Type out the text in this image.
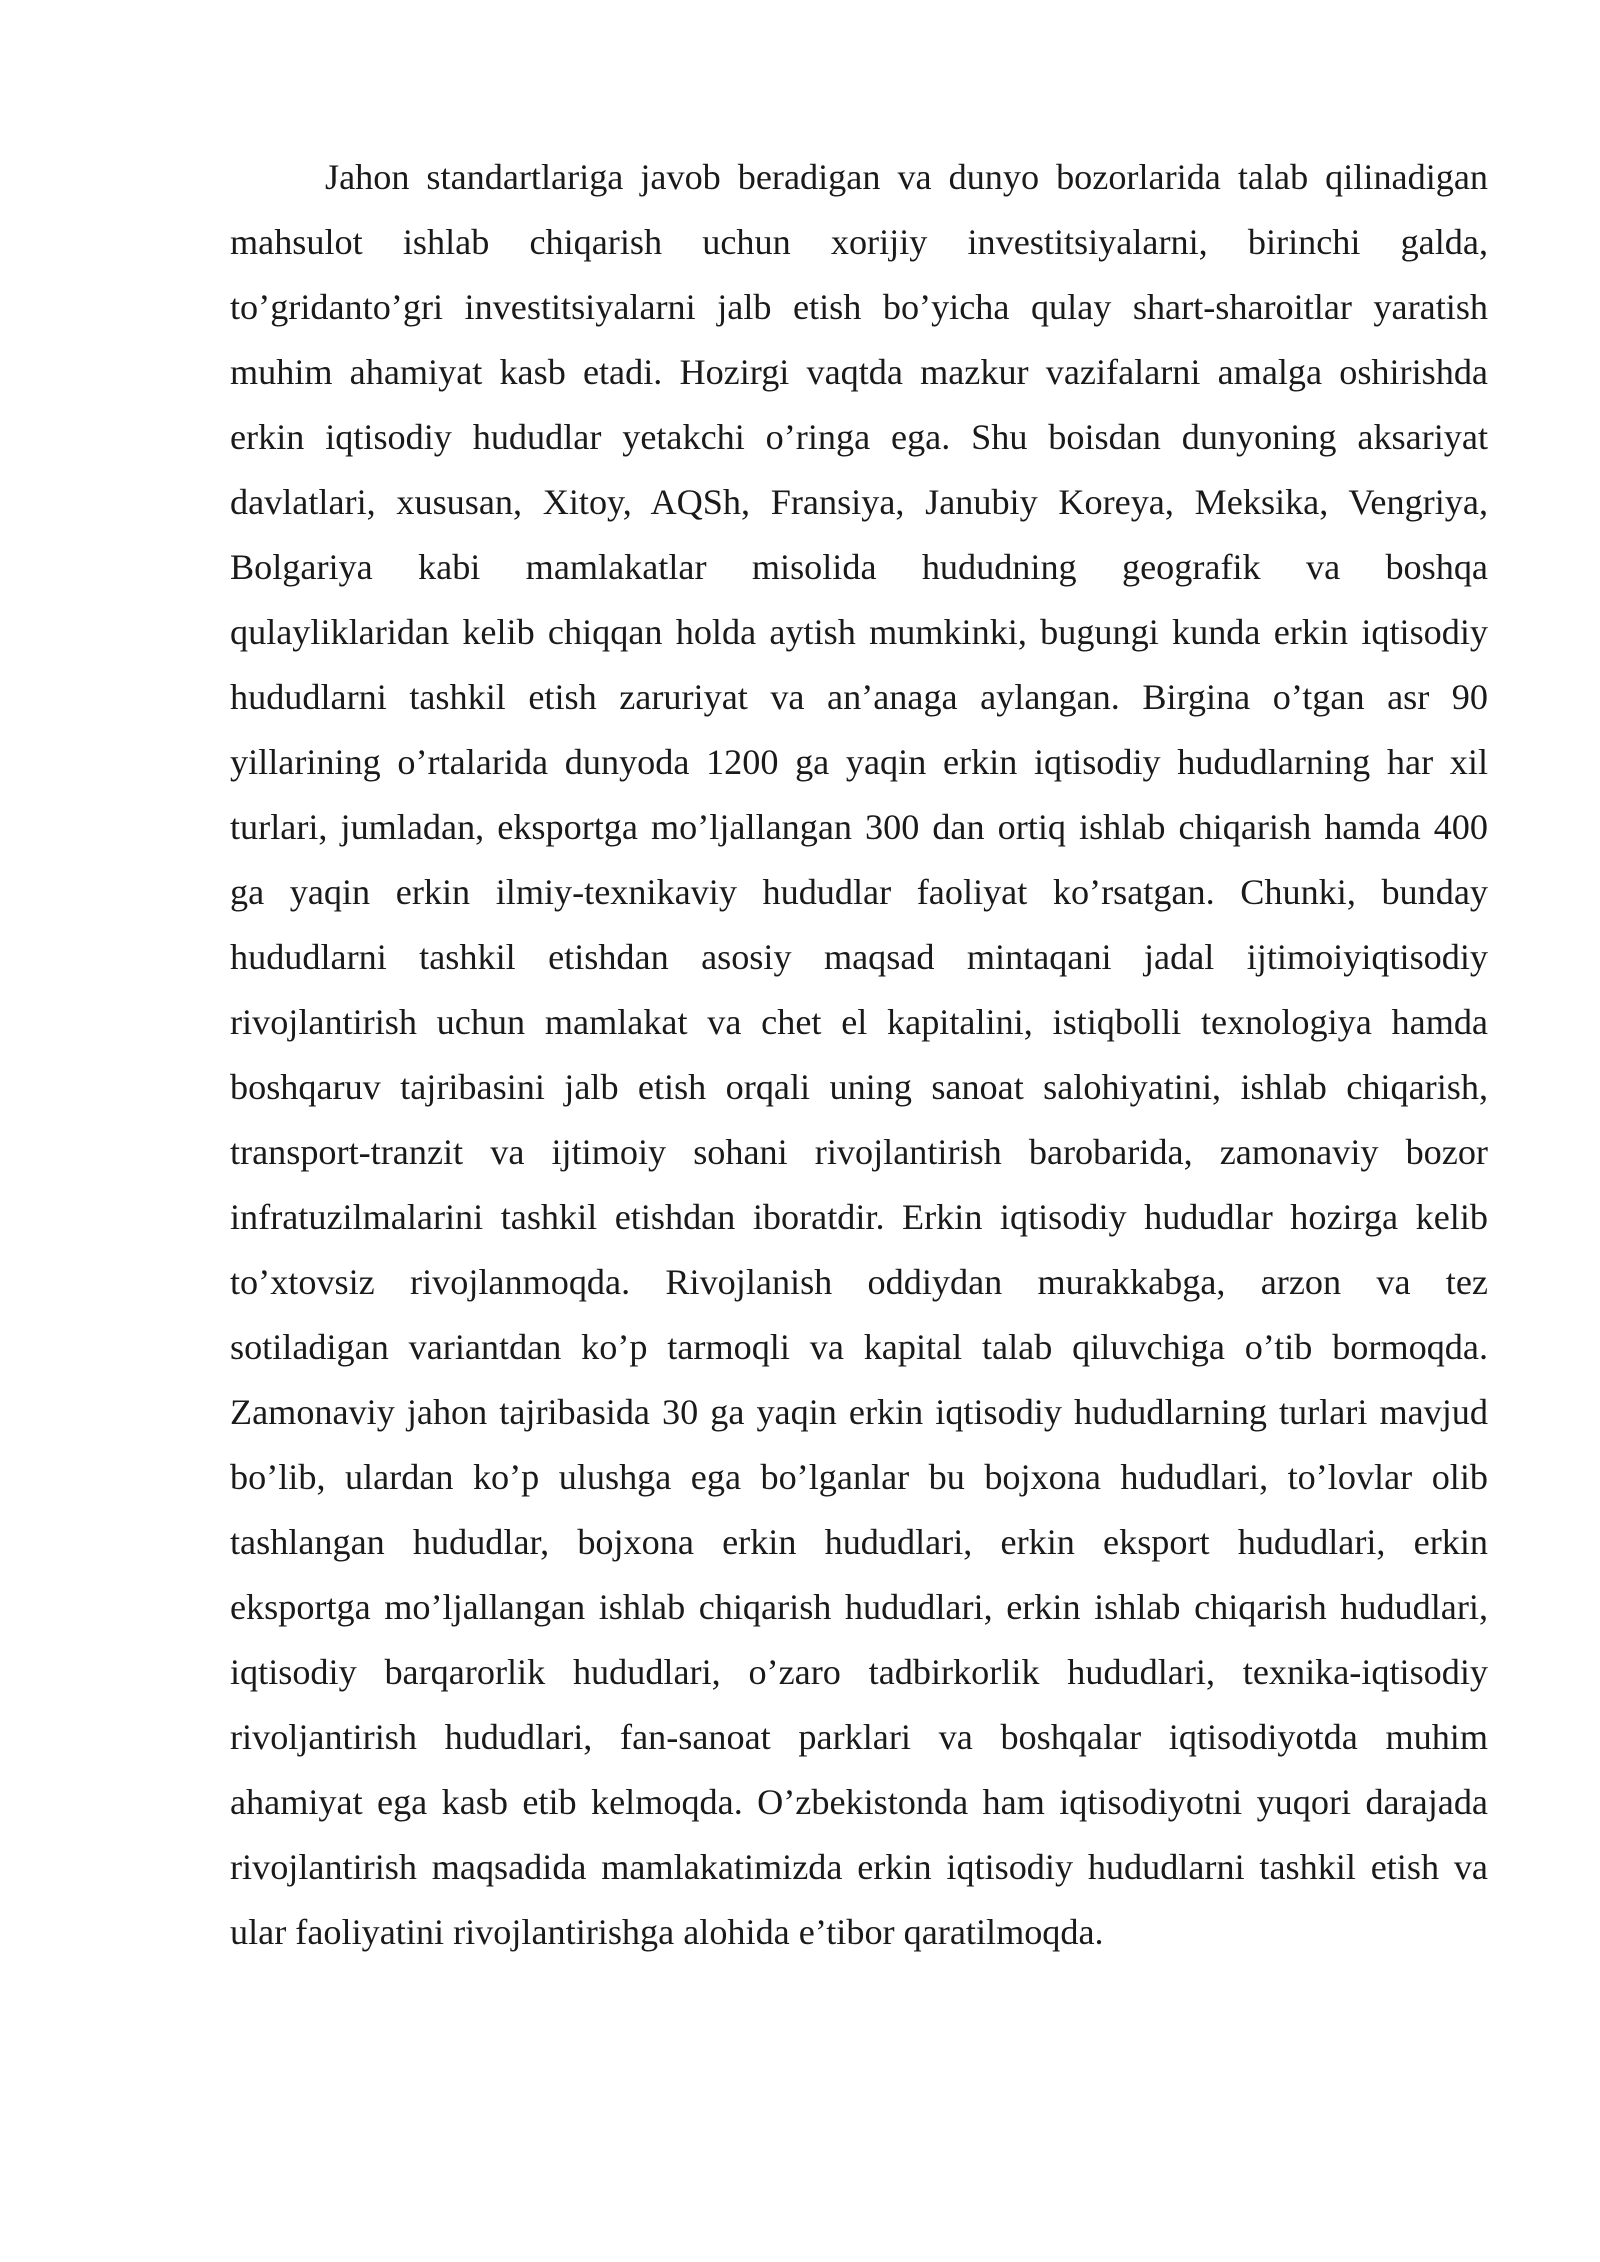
Jahon standartlariga javob beradigan va dunyo bozorlarida talab qilinadigan
mahsulot ishlab chiqarish uchun xorijiy investitsiyalarni, birinchi galda,
to’gridanto’gri investitsiyalarni jalb etish bo’yicha qulay shart-sharoitlar yaratish
muhim ahamiyat kasb etadi. Hozirgi vaqtda mazkur vazifalarni amalga oshirishda
erkin iqtisodiy hududlar yetakchi o’ringa ega. Shu boisdan dunyoning aksariyat
davlatlari, xususan, Xitoy, AQSh, Fransiya, Janubiy Koreya, Meksika, Vengriya,
Bolgariya kabi mamlakatlar misolida hududning geografik va boshqa
qulayliklaridan kelib chiqqan holda aytish mumkinki, bugungi kunda erkin iqtisodiy
hududlarni tashkil etish zaruriyat va an’anaga aylangan. Birgina o’tgan asr 90
yillarining o’rtalarida dunyoda 1200 ga yaqin erkin iqtisodiy hududlarning har xil
turlari, jumladan, eksportga mo’ljallangan 300 dan ortiq ishlab chiqarish hamda 400
ga yaqin erkin ilmiy-texnikaviy hududlar faoliyat ko’rsatgan. Chunki, bunday
hududlarni tashkil etishdan asosiy maqsad mintaqani jadal ijtimoiyiqtisodiy
rivojlantirish uchun mamlakat va chet el kapitalini, istiqbolli texnologiya hamda
boshqaruv tajribasini jalb etish orqali uning sanoat salohiyatini, ishlab chiqarish,
transport-tranzit va ijtimoiy sohani rivojlantirish barobarida, zamonaviy bozor
infratuzilmalarini tashkil etishdan iboratdir. Erkin iqtisodiy hududlar hozirga kelib
to’xtovsiz rivojlanmoqda. Rivojlanish oddiydan murakkabga, arzon va tez
sotiladigan variantdan ko’p tarmoqli va kapital talab qiluvchiga o’tib bormoqda.
Zamonaviy jahon tajribasida 30 ga yaqin erkin iqtisodiy hududlarning turlari mavjud
bo’lib, ulardan ko’p ulushga ega bo’lganlar bu bojxona hududlari, to’lovlar olib
tashlangan hududlar, bojxona erkin hududlari, erkin eksport hududlari, erkin
eksportga mo’ljallangan ishlab chiqarish hududlari, erkin ishlab chiqarish hududlari,
iqtisodiy barqarorlik hududlari, o’zaro tadbirkorlik hududlari, texnika-iqtisodiy
rivoljantirish hududlari, fan-sanoat parklari va boshqalar iqtisodiyotda muhim
ahamiyat ega kasb etib kelmoqda. O’zbekistonda ham iqtisodiyotni yuqori darajada
rivojlantirish maqsadida mamlakatimizda erkin iqtisodiy hududlarni tashkil etish va
ular faoliyatini rivojlantirishga alohida e’tibor qaratilmoqda.
